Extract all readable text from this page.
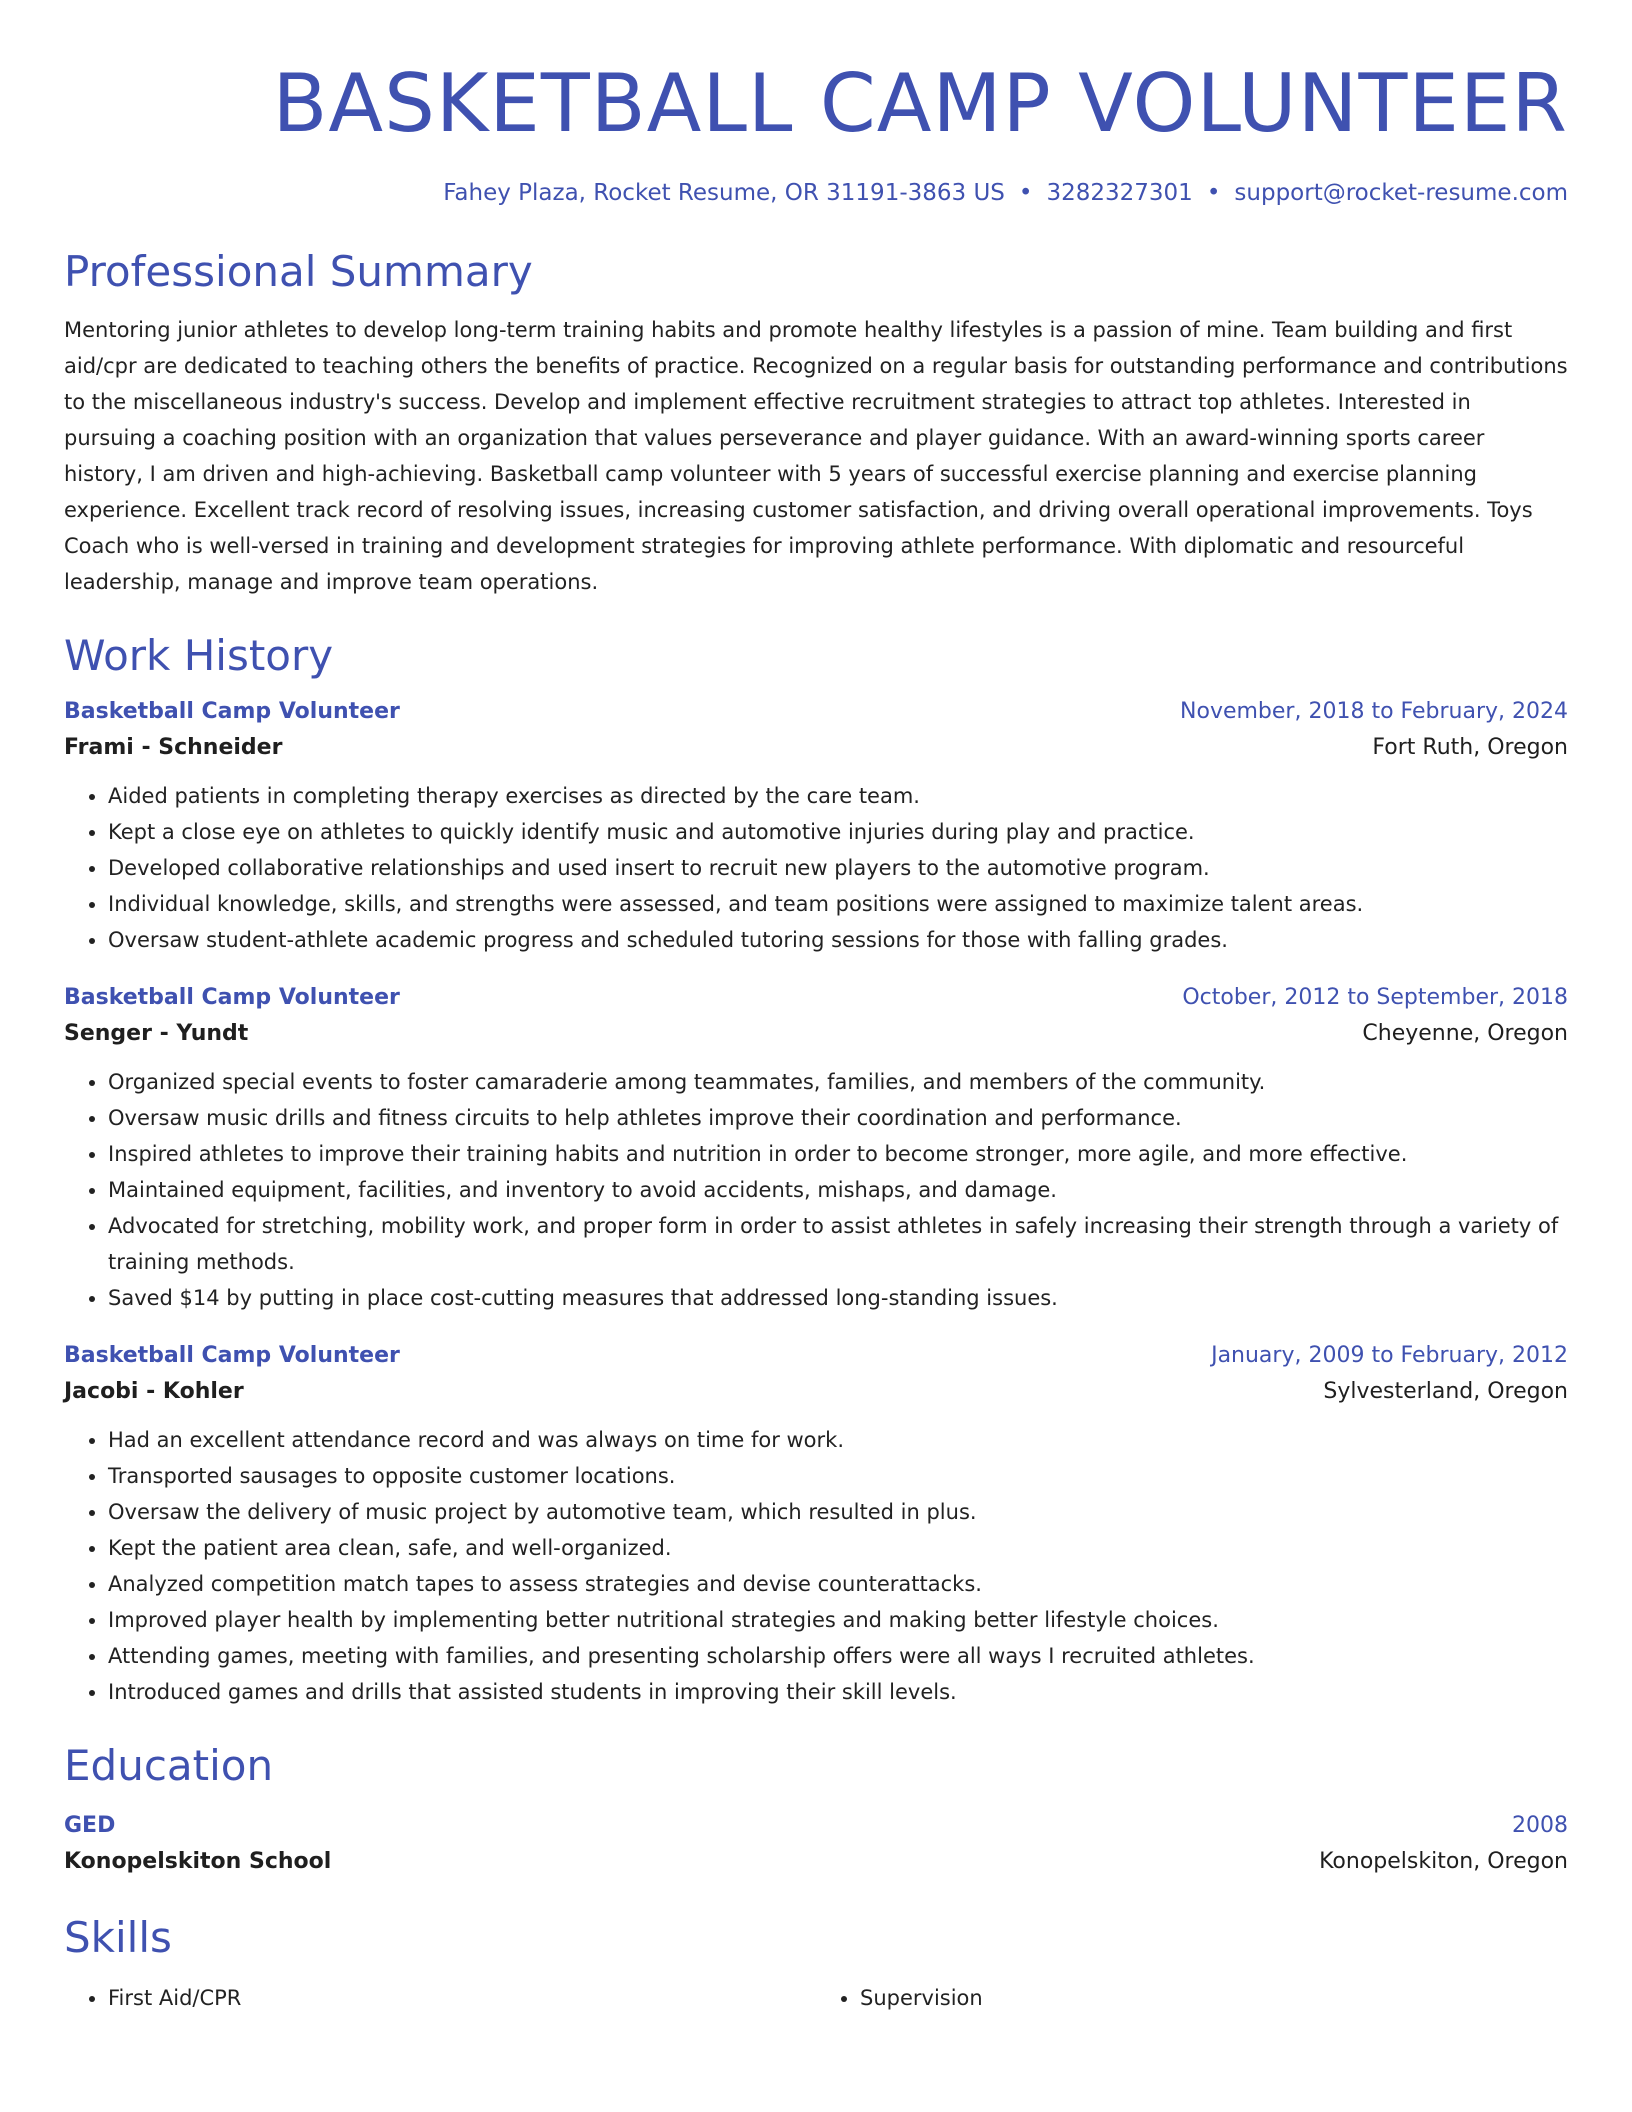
BASKETBALL CAMP VOLUNTEER
Fahey Plaza, Rocket Resume, OR 31191-3863 US • 3282327301 • support@rocket-resume.com
Professional Summary
Mentoring junior athletes to develop long-term training habits and promote healthy lifestyles is a passion of mine. Team building and first aid/cpr are dedicated to teaching others the benefits of practice. Recognized on a regular basis for outstanding performance and contributions to the miscellaneous industry's success. Develop and implement effective recruitment strategies to attract top athletes. Interested in pursuing a coaching position with an organization that values perseverance and player guidance. With an award-winning sports career history, I am driven and high-achieving. Basketball camp volunteer with 5 years of successful exercise planning and exercise planning experience. Excellent track record of resolving issues, increasing customer satisfaction, and driving overall operational improvements. Toys Coach who is well-versed in training and development strategies for improving athlete performance. With diplomatic and resourceful leadership, manage and improve team operations.
Work History
Basketball Camp Volunteer	November, 2018 to February, 2024
Frami - Schneider	Fort Ruth, Oregon
• Aided patients in completing therapy exercises as directed by the care team.
• Kept a close eye on athletes to quickly identify music and automotive injuries during play and practice.
• Developed collaborative relationships and used insert to recruit new players to the automotive program.
• Individual knowledge, skills, and strengths were assessed, and team positions were assigned to maximize talent areas.
• Oversaw student-athlete academic progress and scheduled tutoring sessions for those with falling grades.
Basketball Camp Volunteer	October, 2012 to September, 2018
Senger - Yundt	Cheyenne, Oregon
• Organized special events to foster camaraderie among teammates, families, and members of the community.
• Oversaw music drills and fitness circuits to help athletes improve their coordination and performance.
• Inspired athletes to improve their training habits and nutrition in order to become stronger, more agile, and more effective.
• Maintained equipment, facilities, and inventory to avoid accidents, mishaps, and damage.
• Advocated for stretching, mobility work, and proper form in order to assist athletes in safely increasing their strength through a variety of training methods.
• Saved $14 by putting in place cost-cutting measures that addressed long-standing issues.
Basketball Camp Volunteer	January, 2009 to February, 2012
Jacobi - Kohler	Sylvesterland, Oregon
• Had an excellent attendance record and was always on time for work.
• Transported sausages to opposite customer locations.
• Oversaw the delivery of music project by automotive team, which resulted in plus.
• Kept the patient area clean, safe, and well-organized.
• Analyzed competition match tapes to assess strategies and devise counterattacks.
• Improved player health by implementing better nutritional strategies and making better lifestyle choices.
• Attending games, meeting with families, and presenting scholarship offers were all ways I recruited athletes.
• Introduced games and drills that assisted students in improving their skill levels.
Education
GED	2008
Konopelskiton School	Konopelskiton, Oregon
Skills
• First Aid/CPR
•	Supervision
